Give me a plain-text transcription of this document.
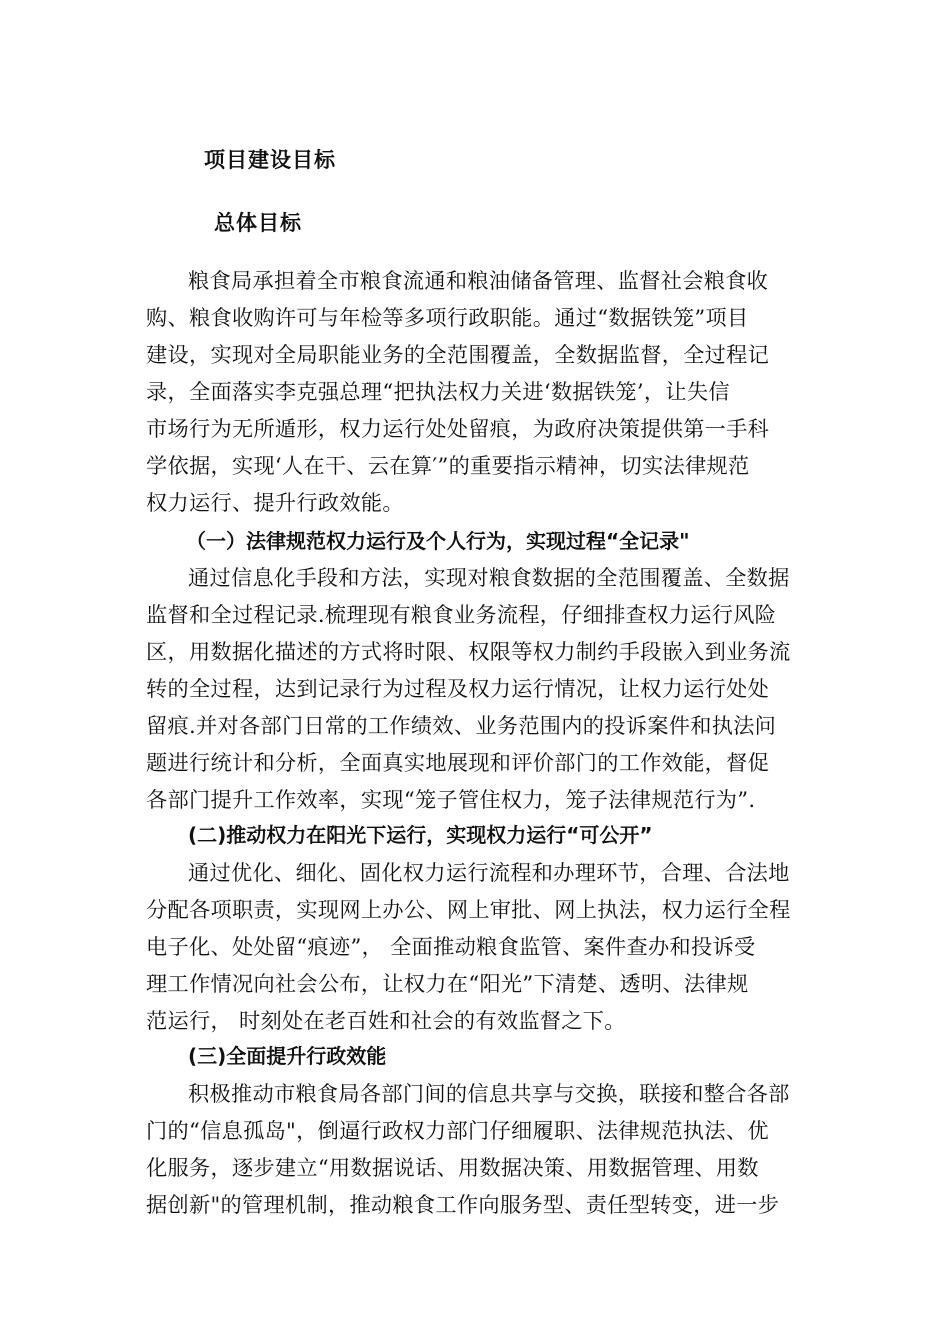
项目建设目标
总体目标
粮食局承担着全市粮食流通和粮油储备管理、监督社会粮食收
购、粮食收购许可与年检等多项行政职能。通过“数据铁笼”项目
建设，实现对全局职能业务的全范围覆盖，全数据监督，全过程记
录，全面落实李克强总理“把执法权力关进‘数据铁笼’，让失信
市场行为无所遁形，权力运行处处留痕，为政府决策提供第一手科
学依据，实现‘人在干、云在算′”的重要指示精神，切实法律规范
权力运行、提升行政效能。
（一）法律规范权力运行及个人行为，实现过程“全记录"
通过信息化手段和方法，实现对粮食数据的全范围覆盖、全数据
监督和全过程记录.梳理现有粮食业务流程，仔细排查权力运行风险
区，用数据化描述的方式将时限、权限等权力制约手段嵌入到业务流
转的全过程，达到记录行为过程及权力运行情况，让权力运行处处
留痕.并对各部门日常的工作绩效、业务范围内的投诉案件和执法问
题进行统计和分析，全面真实地展现和评价部门的工作效能，督促
各部门提升工作效率，实现“笼子管住权力，笼子法律规范行为”.
(二)推动权力在阳光下运行，实现权力运行“可公开”
通过优化、细化、固化权力运行流程和办理环节，合理、合法地
分配各项职责，实现网上办公、网上审批、网上执法，权力运行全程
电子化、处处留“痕迹”， 全面推动粮食监管、案件查办和投诉受
理工作情况向社会公布，让权力在“阳光”下清楚、透明、法律规
范运行， 时刻处在老百姓和社会的有效监督之下。
(三)全面提升行政效能
积极推动市粮食局各部门间的信息共享与交换，联接和整合各部
门的“信息孤岛"，倒逼行政权力部门仔细履职、法律规范执法、优
化服务，逐步建立“用数据说话、用数据决策、用数据管理、用数
据创新"的管理机制，推动粮食工作向服务型、责任型转变，进一步
